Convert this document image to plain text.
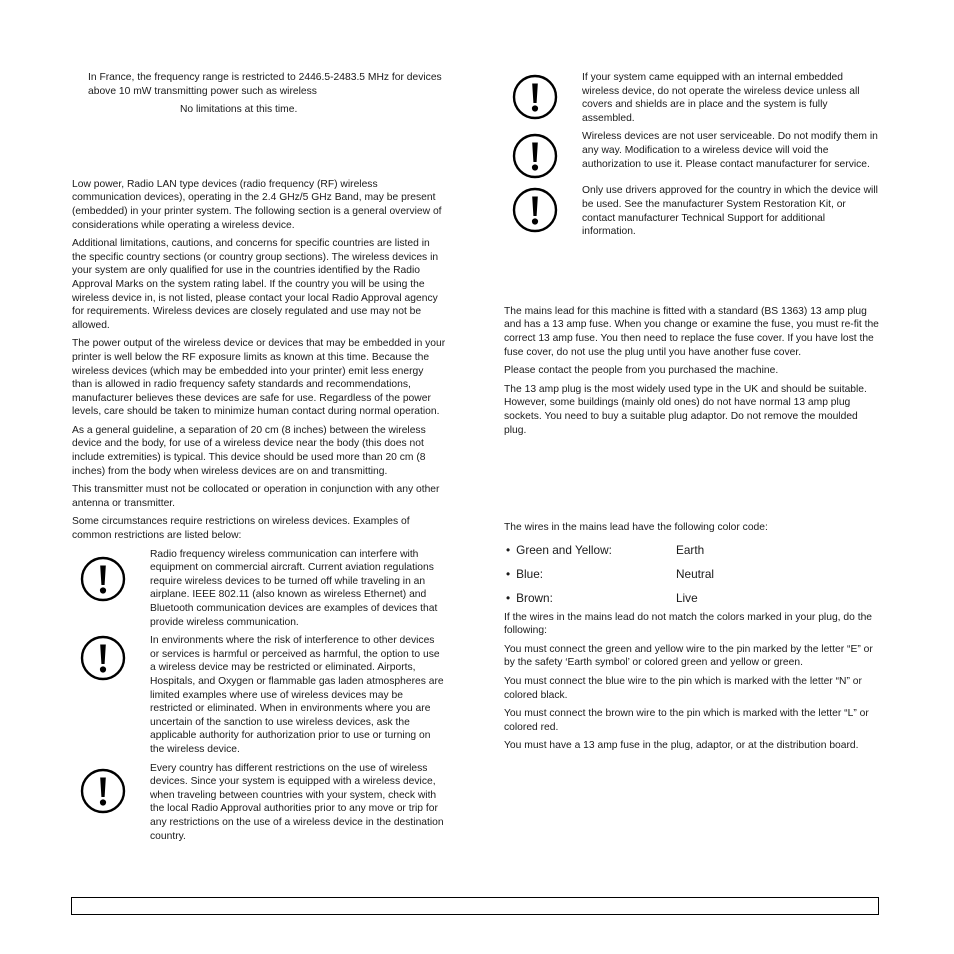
In France, the frequency range is restricted to 2446.5-2483.5 MHz for devices above 10 mW transmitting power such as wireless

No limitations at this time.

Low power, Radio LAN type devices (radio frequency (RF) wireless communication devices), operating in the 2.4 GHz/5 GHz Band, may be present (embedded) in your printer system. The following section is a general overview of considerations while operating a wireless device.

Additional limitations, cautions, and concerns for specific countries are listed in the specific country sections (or country group sections). The wireless devices in your system are only qualified for use in the countries identified by the Radio Approval Marks on the system rating label. If the country you will be using the wireless device in, is not listed, please contact your local Radio Approval agency for requirements. Wireless devices are closely regulated and use may not be allowed.

The power output of the wireless device or devices that may be embedded in your printer is well below the RF exposure limits as known at this time. Because the wireless devices (which may be embedded into your printer) emit less energy than is allowed in radio frequency safety standards and recommendations, manufacturer believes these devices are safe for use. Regardless of the power levels, care should be taken to minimize human contact during normal operation.

As a general guideline, a separation of 20 cm (8 inches) between the wireless device and the body, for use of a wireless device near the body (this does not include extremities) is typical. This device should be used more than 20 cm (8 inches) from the body when wireless devices are on and transmitting.

This transmitter must not be collocated or operation in conjunction with any other antenna or transmitter.

Some circumstances require restrictions on wireless devices. Examples of common restrictions are listed below:

Radio frequency wireless communication can interfere with equipment on commercial aircraft. Current aviation regulations require wireless devices to be turned off while traveling in an airplane. IEEE 802.11 (also known as wireless Ethernet) and Bluetooth communication devices are examples of devices that provide wireless communication.
In environments where the risk of interference to other devices or services is harmful or perceived as harmful, the option to use a wireless device may be restricted or eliminated. Airports, Hospitals, and Oxygen or flammable gas laden atmospheres are limited examples where use of wireless devices may be restricted or eliminated. When in environments where you are uncertain of the sanction to use wireless devices, ask the applicable authority for authorization prior to use or turning on the wireless device.
Every country has different restrictions on the use of wireless devices. Since your system is equipped with a wireless device, when traveling between countries with your system, check with the local Radio Approval authorities prior to any move or trip for any restrictions on the use of a wireless device in the destination country.
If your system came equipped with an internal embedded wireless device, do not operate the wireless device unless all covers and shields are in place and the system is fully assembled.
Wireless devices are not user serviceable. Do not modify them in any way. Modification to a wireless device will void the authorization to use it. Please contact manufacturer for service.
Only use drivers approved for the country in which the device will be used. See the manufacturer System Restoration Kit, or contact manufacturer Technical Support for additional information.

The mains lead for this machine is fitted with a standard (BS 1363) 13 amp plug and has a 13 amp fuse. When you change or examine the fuse, you must re-fit the correct 13 amp fuse. You then need to replace the fuse cover. If you have lost the fuse cover, do not use the plug until you have another fuse cover.

Please contact the people from you purchased the machine.

The 13 amp plug is the most widely used type in the UK and should be suitable. However, some buildings (mainly old ones) do not have normal 13 amp plug sockets. You need to buy a suitable plug adaptor. Do not remove the moulded plug.

The wires in the mains lead have the following color code:

• Green and Yellow:	Earth
• Blue:	Neutral
• Brown:	Live

If the wires in the mains lead do not match the colors marked in your plug, do the following:

You must connect the green and yellow wire to the pin marked by the letter “E” or by the safety ‘Earth symbol’ or colored green and yellow or green.

You must connect the blue wire to the pin which is marked with the letter “N” or colored black.

You must connect the brown wire to the pin which is marked with the letter “L” or colored red.

You must have a 13 amp fuse in the plug, adaptor, or at the distribution board.
